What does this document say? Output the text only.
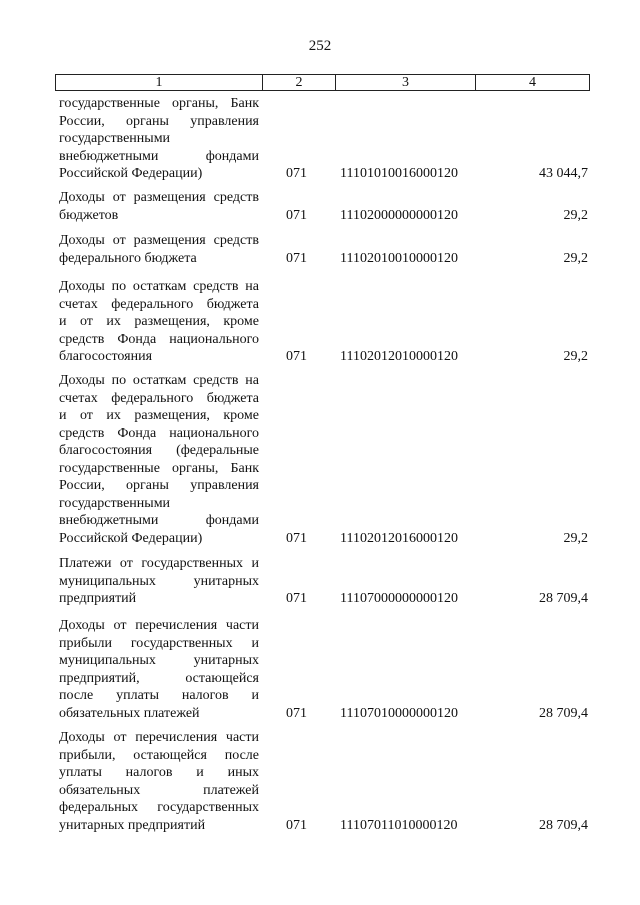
252
1	2	3	4
государственные органы, Банк
России, органы управления
государственными
внебюджетными фондами
Российской Федерации)	071	11101010016000120	43 044,7
Доходы от размещения средств
бюджетов	071	11102000000000120	29,2
Доходы от размещения средств
федерального бюджета	071	11102010010000120	29,2
Доходы по остаткам средств на
счетах федерального бюджета
и от их размещения, кроме
средств Фонда национального
благосостояния	071	11102012010000120	29,2
Доходы по остаткам средств на
счетах федерального бюджета
и от их размещения, кроме
средств Фонда национального
благосостояния (федеральные
государственные органы, Банк
России, органы управления
государственными
внебюджетными фондами
Российской Федерации)	071	11102012016000120	29,2
Платежи от государственных и
муниципальных унитарных
предприятий	071	11107000000000120	28 709,4
Доходы от перечисления части
прибыли государственных и
муниципальных унитарных
предприятий, остающейся
после уплаты налогов и
обязательных платежей	071	11107010000000120	28 709,4
Доходы от перечисления части
прибыли, остающейся после
уплаты налогов и иных
обязательных платежей
федеральных государственных
унитарных предприятий	071	11107011010000120	28 709,4
